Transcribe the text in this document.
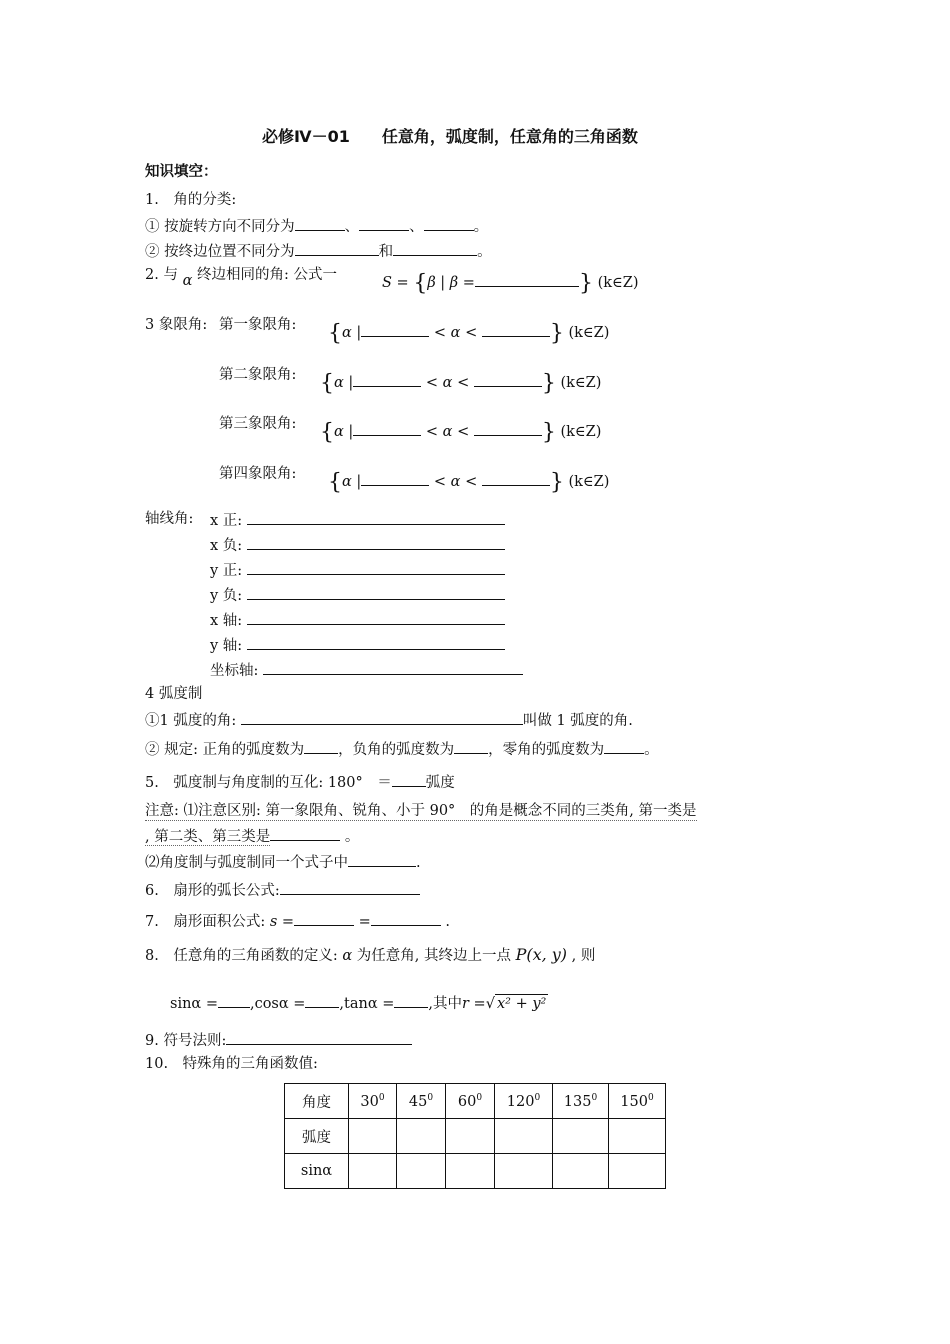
必修Ⅳ－01　　任意角，弧度制，任意角的三角函数
知识填空：
1.　角的分类:
① 按旋转方向不同分为	、	、	。
② 按终边位置不同分为	和	。
2. 与 α 终边相同的角: 公式一	S = {β | β =	} (k∈Z)
3 象限角: 第一象限角: {α |	< α <	} (k∈Z)
第二象限角: {α |	< α <	} (k∈Z)
第三象限角: {α |	< α <	} (k∈Z)
第四象限角: {α |	< α <	} (k∈Z)
轴线角: x 正:
x 负:
y 正:
y 负:
x 轴:
y 轴:
坐标轴:
4 弧度制
①1 弧度的角:	叫做 1 弧度的角.
② 规定: 正角的弧度数为 ，负角的弧度数为 ，零角的弧度数为	。
5.　弧度制与角度制的互化: 180°　＝ 弧度
注意: ⑴注意区别: 第一象限角、锐角、小于 90°　的角是概念不同的三类角, 第一类是
, 第二类、第三类是	。
⑵角度制与弧度制同一个式子中	.
6.　扇形的弧长公式:
7.　扇形面积公式: s =	=	.
8.　任意角的三角函数的定义: α 为任意角, 其终边上一点 P(x, y) , 则
sinα = ,cosα = ,tanα = ,其中r =√ x² + y²
9. 符号法则:
10.　特殊角的三角函数值:
角度	$30^0$	$45^0$	$60^0$	$120^0$	$135^0$	$150^0$
弧度						
sinα						
